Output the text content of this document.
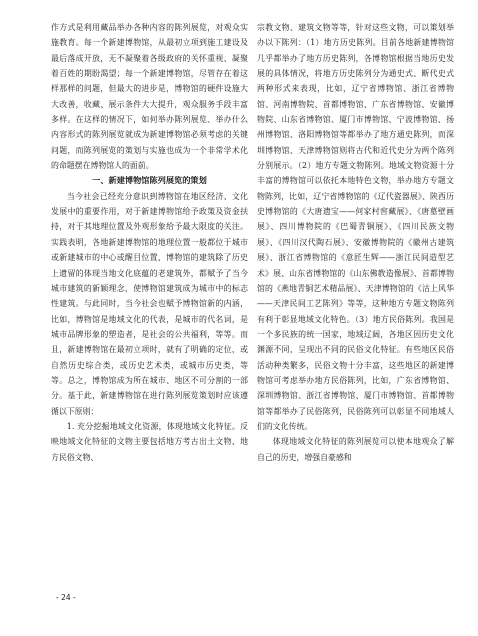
作方式是利用藏品举办各种内容的陈列展览，对观众实施教育。每一个新建博物馆，从最初立项到施工建设及最后落成开放，无不凝聚着各级政府的关怀重视、凝聚着百姓的期盼渴望；每一个新建博物馆，尽管存在着这样那样的问题，但最大的进步是，博物馆的硬件设施大大改善，收藏、展示条件大大提升，观众服务手段丰富多样。在这样的情况下，如何举办陈列展览、举办什么内容形式的陈列展览就成为新建博物馆必须考虑的关键问题，而陈列展览的策划与实施也成为一个非常学术化的命题摆在博物馆人的面前。

一、新建博物馆陈列展览的策划

当今社会已经充分意识到博物馆在地区经济、文化发展中的重要作用，对于新建博物馆给予政策及资金扶持，对于其地理位置及外观形象给予最大限度的关注。实践表明，各地新建博物馆的地理位置一般都位于城市或新建城市的中心或醒目位置，博物馆的建筑除了历史上遗留的体现当地文化底蕴的老建筑外，都赋予了当今城市建筑的新颖理念，使博物馆建筑成为城市中的标志性建筑。与此同时，当今社会也赋予博物馆新的内涵，比如，博物馆是地域文化的代表，是城市的代名词，是城市品牌形象的塑造者，是社会的公共福利，等等。而且，新建博物馆在最初立项时，就有了明确的定位，或自然历史综合类，或历史艺术类，或城市历史类，等等。总之，博物馆成为所在城市、地区不可分割的一部分。基于此，新建博物馆在进行陈列展览策划时应该遵循以下原则：

1. 充分挖掘地域文化资源，体现地域文化特征。反映地域文化特征的文物主要包括地方考古出土文物、地方民俗文物、

宗教文物、建筑文物等等，针对这些文物，可以策划举办以下陈列：（1）地方历史陈列。目前各地新建博物馆几乎都举办了地方历史陈列，各博物馆根据当地历史发展的具体情况，将地方历史陈列分为通史式、断代史式两种形式来表现，比如，辽宁省博物馆、浙江省博物馆、河南博物院、首都博物馆、广东省博物馆、安徽博物院、山东省博物馆、厦门市博物馆、宁波博物馆、扬州博物馆、洛阳博物馆等都举办了地方通史陈列，而深圳博物馆、天津博物馆则将古代和近代史分为两个陈列分别展示。（2）地方专题文物陈列。地域文物资源十分丰富的博物馆可以依托本地特色文物，举办地方专题文物陈列，比如，辽宁省博物馆的《辽代瓷器展》、陕西历史博物馆的《大唐遗宝——何家村窖藏展》、《唐墓壁画展》、四川博物院的《巴蜀青铜展》、《四川民族文物展》、《四川汉代陶石展》、安徽博物院的《徽州古建筑展》、浙江省博物馆的《意匠生辉——浙江民间造型艺术》展、山东省博物馆的《山东佛教造像展》、首都博物馆的《燕地青铜艺术精品展》、天津博物馆的《沽上风华——天津民间工艺陈列》等等，这种地方专题文物陈列有利于彰显地域文化特色。（3）地方民俗陈列。我国是一个多民族的统一国家，地域辽阔，各地区因历史文化渊源不同，呈现出不同的民俗文化特征。有些地区民俗活动种类繁多，民俗文物十分丰富，这些地区的新建博物馆可考虑举办地方民俗陈列，比如，广东省博物馆、深圳博物馆、浙江省博物馆、厦门市博物馆、首都博物馆等都举办了民俗陈列，民俗陈列可以彰显不同地域人们的文化传统。

体现地域文化特征的陈列展览可以使本地观众了解自己的历史，增强自豪感和

- 24 -
